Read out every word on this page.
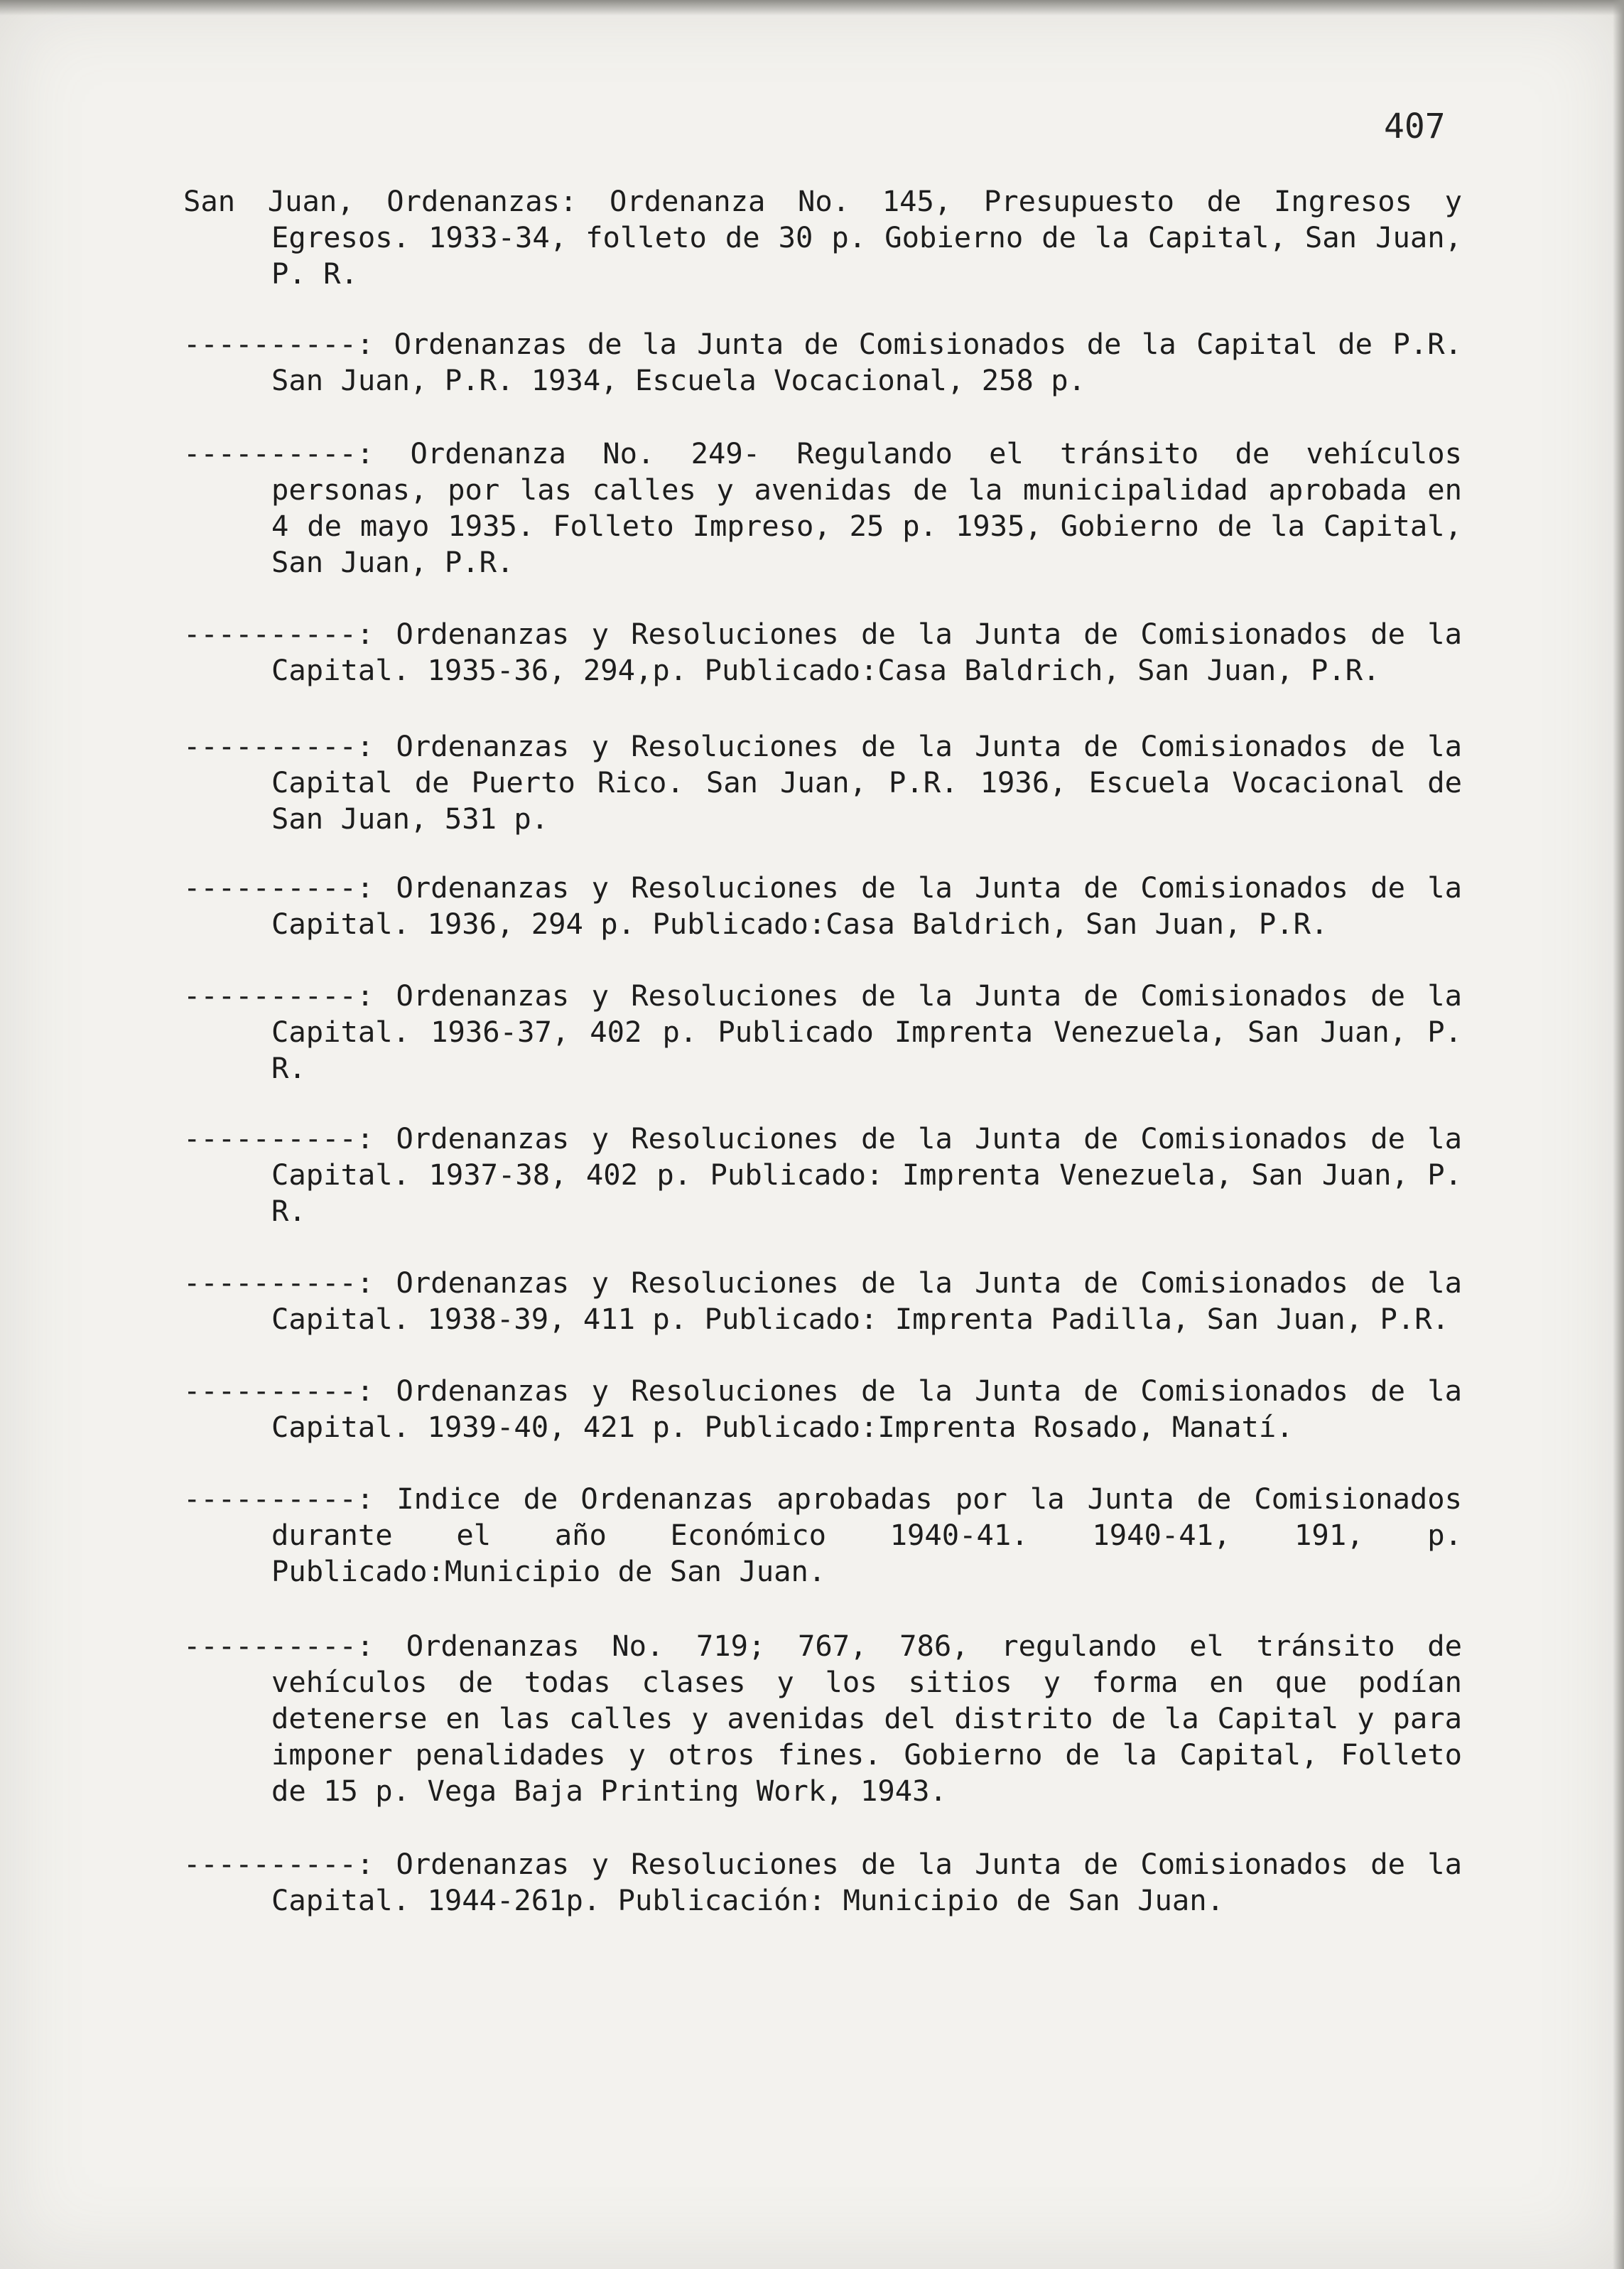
407

San Juan, Ordenanzas: Ordenanza No. 145, Presupuesto de Ingresos y Egresos. 1933-34, folleto de 30 p. Gobierno de la Capital, San Juan, P. R.

----------: Ordenanzas de la Junta de Comisionados de la Capital de P.R. San Juan, P.R. 1934, Escuela Vocacional, 258 p.

----------: Ordenanza No. 249- Regulando el tránsito de vehículos personas, por las calles y avenidas de la municipalidad aprobada en 4 de mayo 1935. Folleto Impreso, 25 p. 1935, Gobierno de la Capital, San Juan, P.R.

----------: Ordenanzas y Resoluciones de la Junta de Comisionados de la Capital. 1935-36, 294,p. Publicado:Casa Baldrich, San Juan, P.R.

----------: Ordenanzas y Resoluciones de la Junta de Comisionados de la Capital de Puerto Rico. San Juan, P.R. 1936, Escuela Vocacional de San Juan, 531 p.

----------: Ordenanzas y Resoluciones de la Junta de Comisionados de la Capital. 1936, 294 p. Publicado:Casa Baldrich, San Juan, P.R.

----------: Ordenanzas y Resoluciones de la Junta de Comisionados de la Capital. 1936-37, 402 p. Publicado Imprenta Venezuela, San Juan, P. R.

----------: Ordenanzas y Resoluciones de la Junta de Comisionados de la Capital. 1937-38, 402 p. Publicado: Imprenta Venezuela, San Juan, P. R.

----------: Ordenanzas y Resoluciones de la Junta de Comisionados de la Capital. 1938-39, 411 p. Publicado: Imprenta Padilla, San Juan, P.R.

----------: Ordenanzas y Resoluciones de la Junta de Comisionados de la Capital. 1939-40, 421 p. Publicado:Imprenta Rosado, Manatí.

----------: Indice de Ordenanzas aprobadas por la Junta de Comisionados durante el año Económico 1940-41. 1940-41, 191, p. Publicado:Municipio de San Juan.

----------: Ordenanzas No. 719; 767, 786, regulando el tránsito de vehículos de todas clases y los sitios y forma en que podían detenerse en las calles y avenidas del distrito de la Capital y para imponer penalidades y otros fines. Gobierno de la Capital, Folleto de 15 p. Vega Baja Printing Work, 1943.

----------: Ordenanzas y Resoluciones de la Junta de Comisionados de la Capital. 1944-261p. Publicación: Municipio de San Juan.
